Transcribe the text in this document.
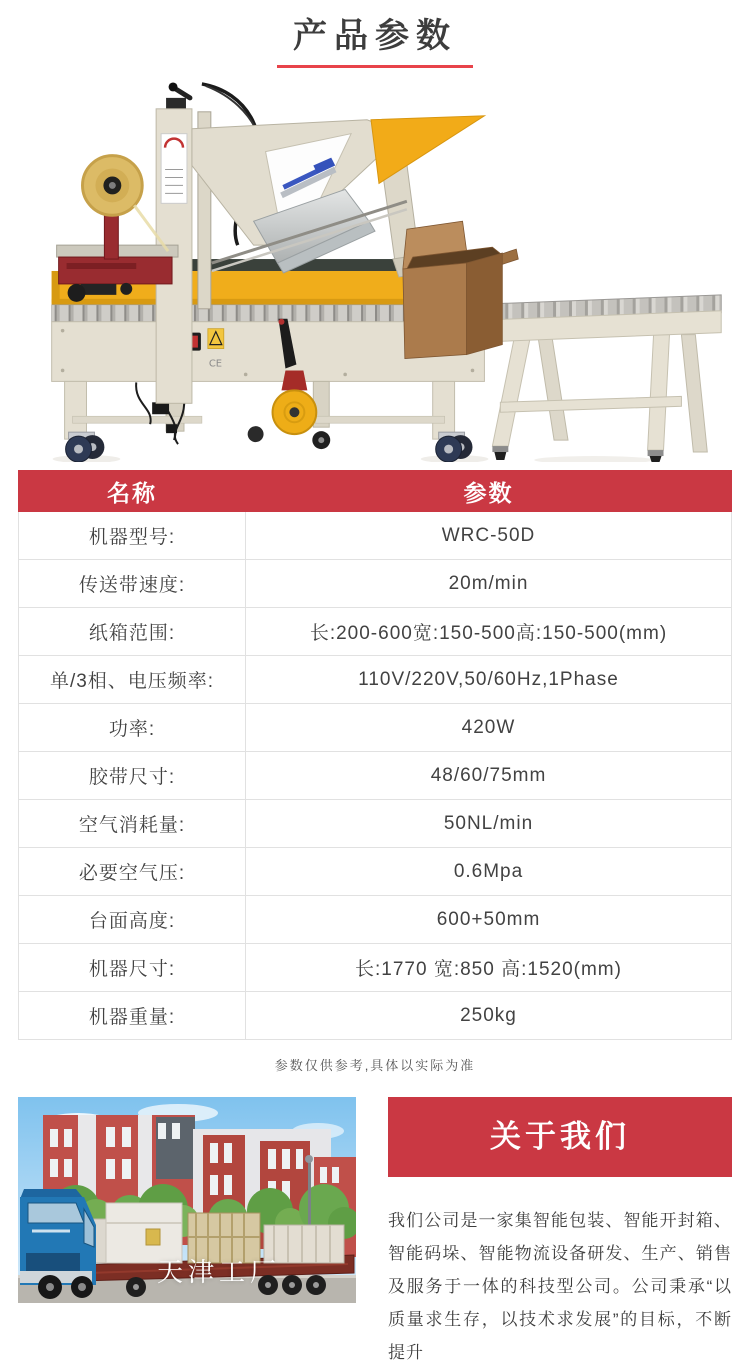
产品参数
CE
名称	参数
机器型号:	WRC-50D
传送带速度:	20m/min
纸箱范围:	长:200-600宽:150-500高:150-500(mm)
单/3相、电压频率:	110V/220V,50/60Hz,1Phase
功率:	420W
胶带尺寸:	48/60/75mm
空气消耗量:	50NL/min
必要空气压:	0.6Mpa
台面高度:	600+50mm
机器尺寸:	长:1770 宽:850 高:1520(mm)
机器重量:	250kg

参数仅供参考,具体以实际为准

天津工厂
关于我们

我们公司是一家集智能包装、智能开封箱、智能码垛、智能物流设备研发、生产、销售及服务于一体的科技型公司。公司秉承“以质量求生存，以技术求发展”的目标，不断提升
